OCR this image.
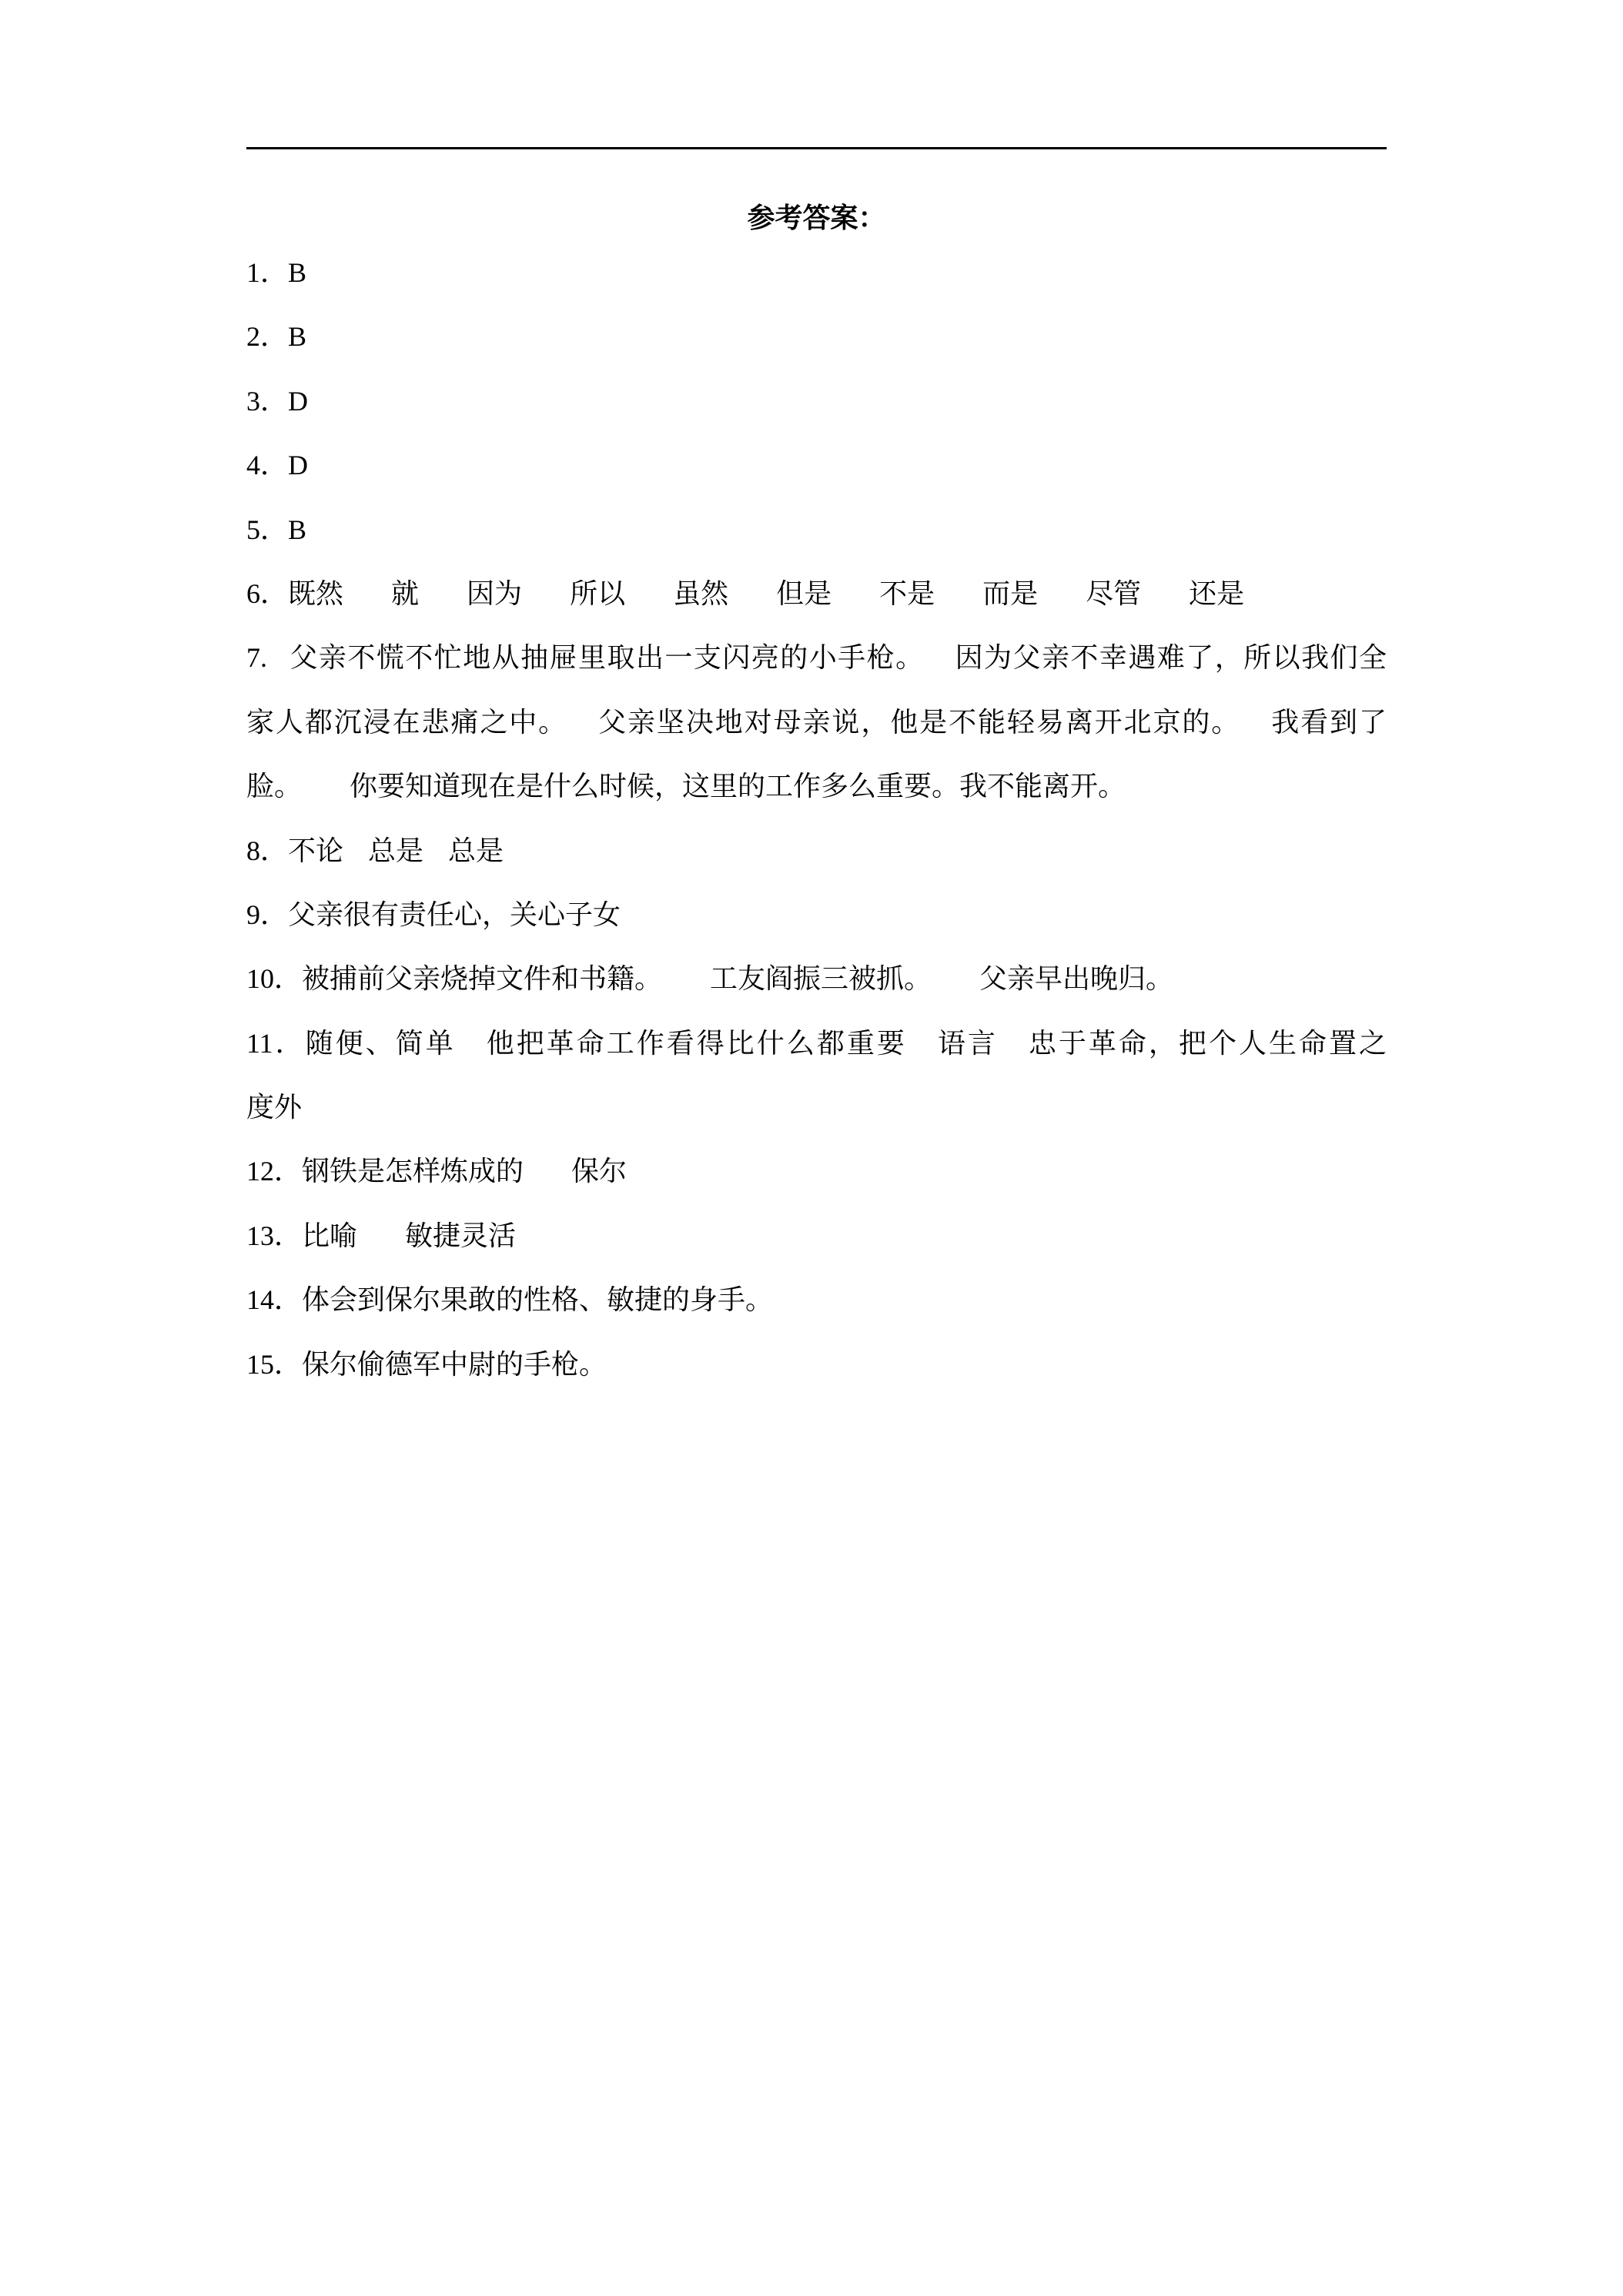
参考答案：
1．B
2．B
3．D
4．D
5．B
6．既然 就 因为 所以 虽然 但是 不是 而是 尽管 还是
7. 父亲不慌不忙地从抽屉里取出一支闪亮的小手枪。 因为父亲不幸遇难了，所以我们全
家人都沉浸在悲痛之中。 父亲坚决地对母亲说，他是不能轻易离开北京的。 我看到了
脸。 你要知道现在是什么时候，这里的工作多么重要。我不能离开。
8．不论 总是 总是
9．父亲很有责任心，关心子女
10．被捕前父亲烧掉文件和书籍。 工友阎振三被抓。 父亲早出晚归。
11．随便、简单 他把革命工作看得比什么都重要 语言 忠于革命，把个人生命置之
度外
12．钢铁是怎样炼成的 保尔
13．比喻 敏捷灵活
14．体会到保尔果敢的性格、敏捷的身手。
15．保尔偷德军中尉的手枪。
